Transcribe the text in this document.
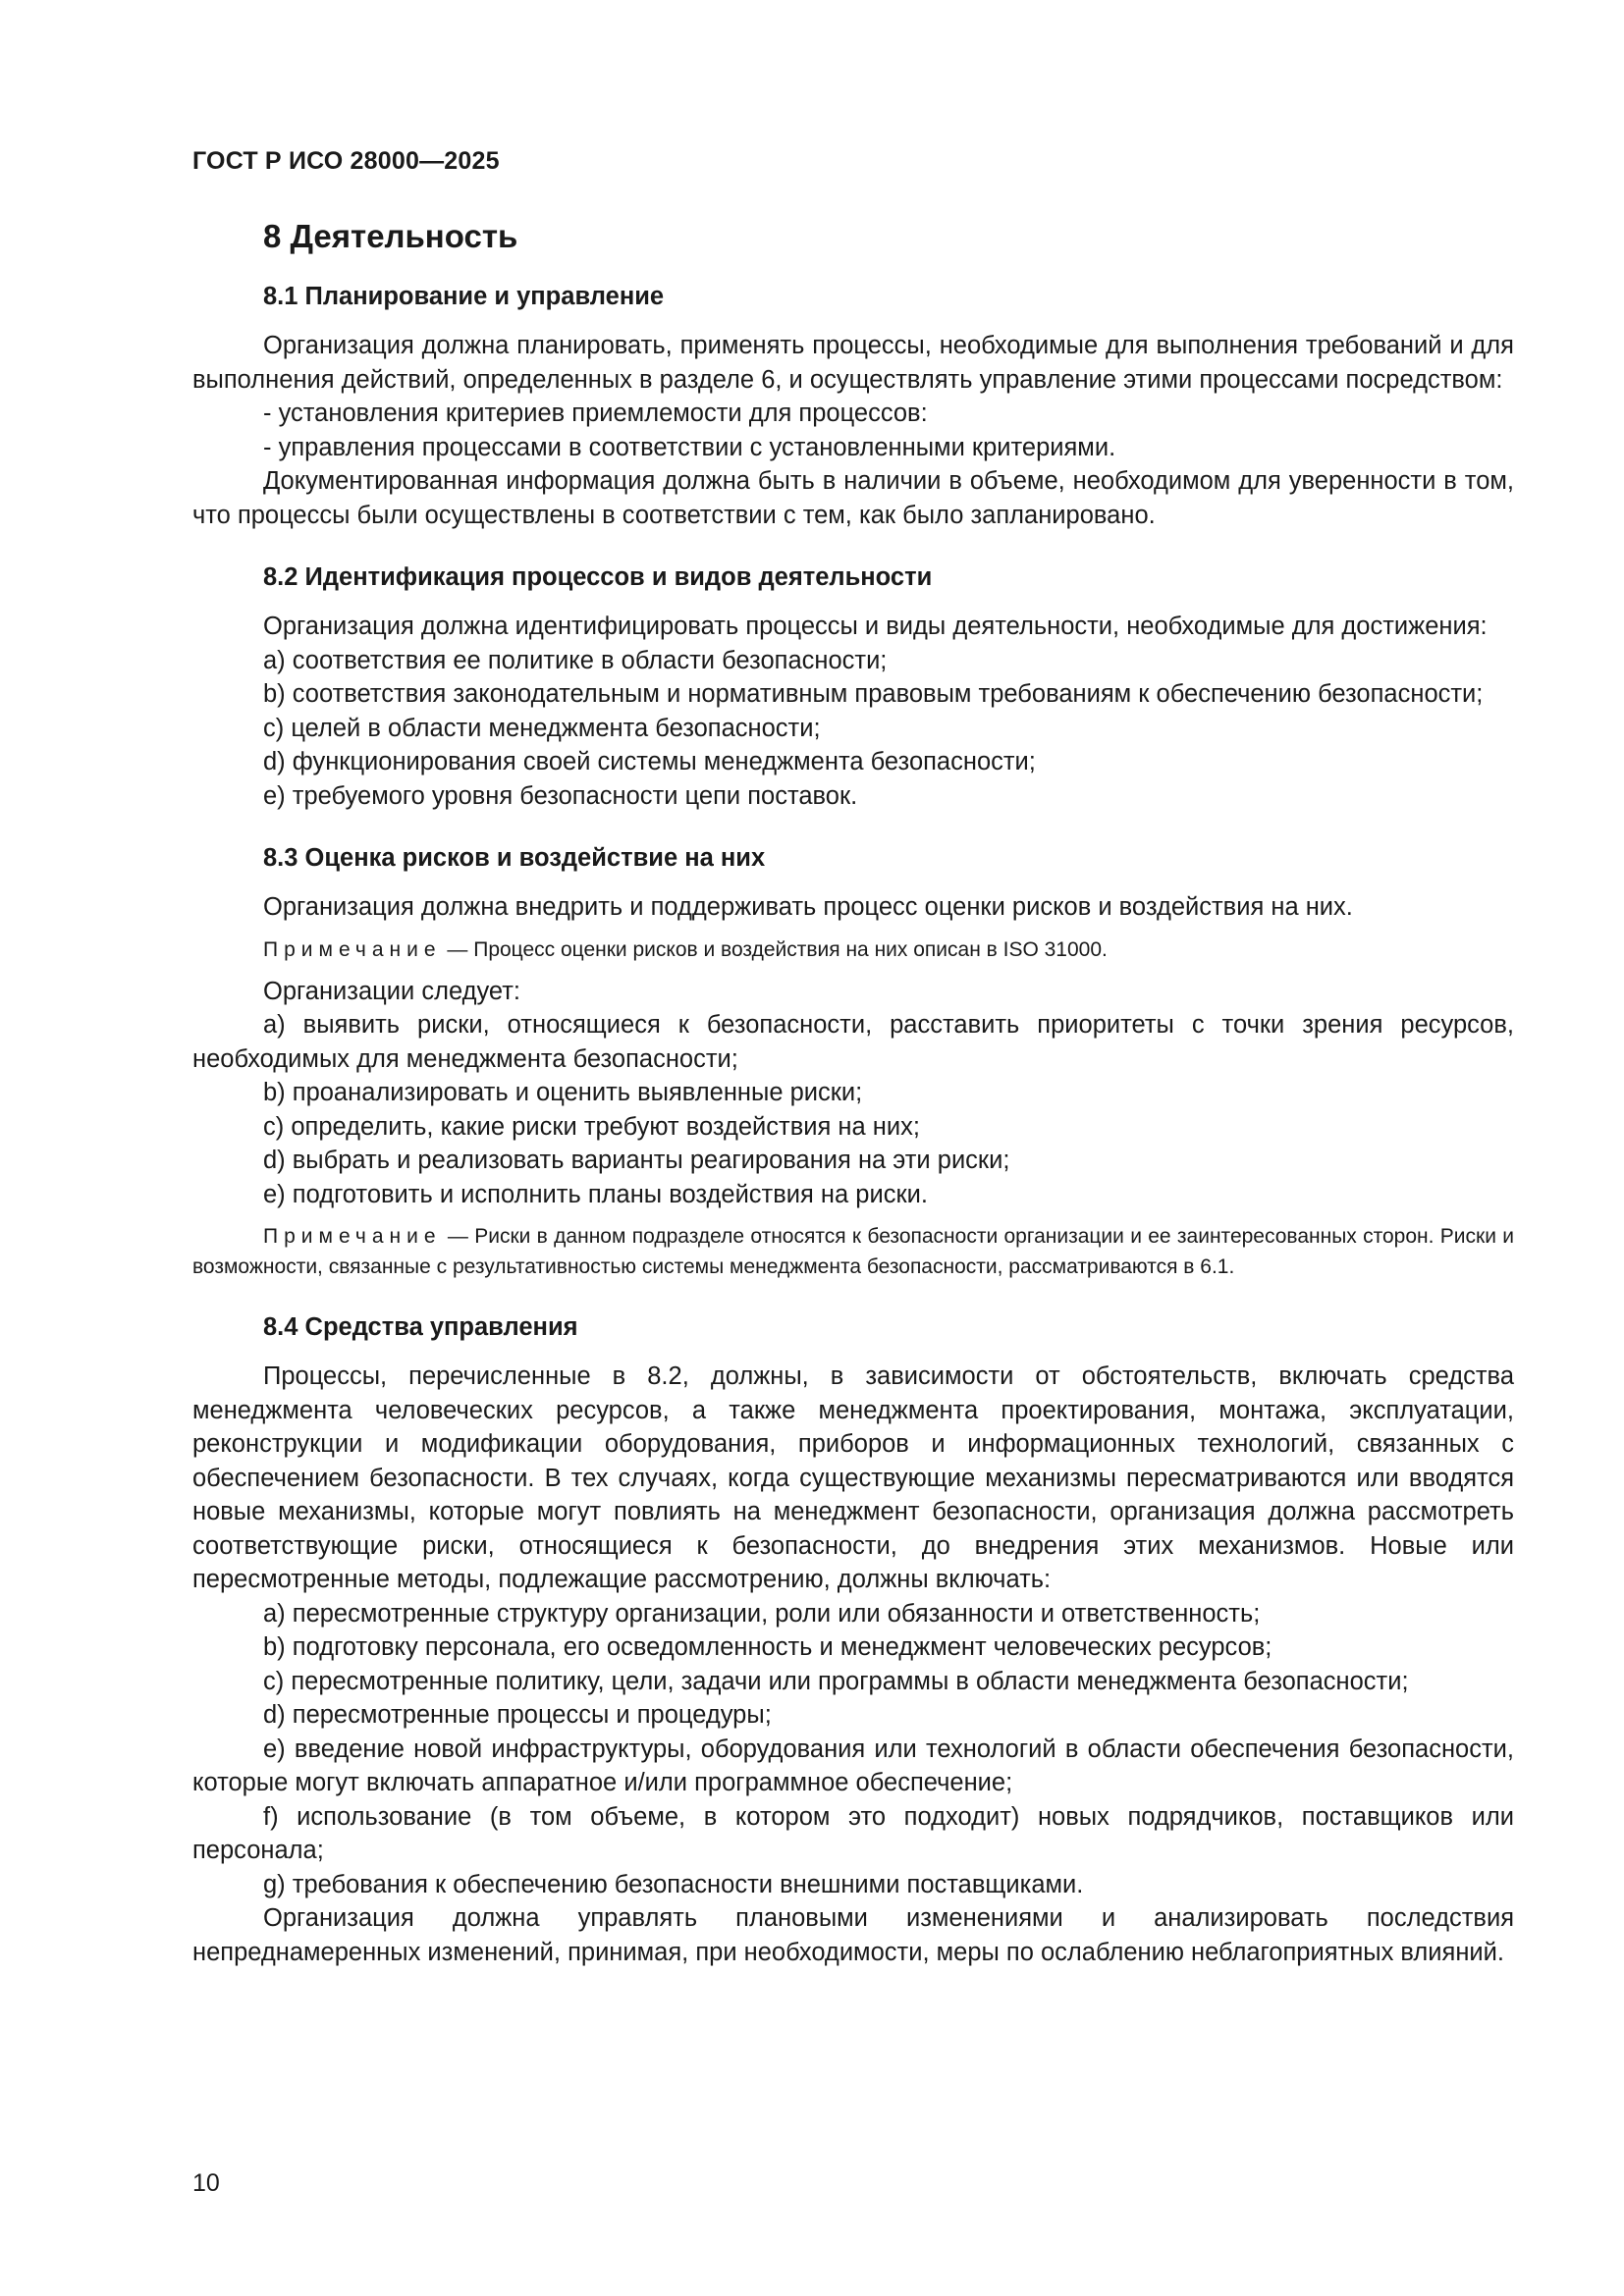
ГОСТ Р ИСО 28000—2025
8 Деятельность
8.1 Планирование и управление

Организация должна планировать, применять процессы, необходимые для выполнения требований и для выполнения действий, определенных в разделе 6, и осуществлять управление этими процессами посредством:

- установления критериев приемлемости для процессов:

- управления процессами в соответствии с установленными критериями.

Документированная информация должна быть в наличии в объеме, необходимом для уверенности в том, что процессы были осуществлены в соответствии с тем, как было запланировано.

8.2 Идентификация процессов и видов деятельности

Организация должна идентифицировать процессы и виды деятельности, необходимые для достижения:

a) соответствия ее политике в области безопасности;

b) соответствия законодательным и нормативным правовым требованиям к обеспечению безопасности;

c) целей в области менеджмента безопасности;

d) функционирования своей системы менеджмента безопасности;

e) требуемого уровня безопасности цепи поставок.

8.3 Оценка рисков и воздействие на них

Организация должна внедрить и поддерживать процесс оценки рисков и воздействия на них.

Примечание — Процесс оценки рисков и воздействия на них описан в ISO 31000.

Организации следует:

a) выявить риски, относящиеся к безопасности, расставить приоритеты с точки зрения ресурсов, необходимых для менеджмента безопасности;

b) проанализировать и оценить выявленные риски;

c) определить, какие риски требуют воздействия на них;

d) выбрать и реализовать варианты реагирования на эти риски;

e) подготовить и исполнить планы воздействия на риски.

Примечание — Риски в данном подразделе относятся к безопасности организации и ее заинтересованных сторон. Риски и возможности, связанные с результативностью системы менеджмента безопасности, рассматриваются в 6.1.
8.4 Средства управления

Процессы, перечисленные в 8.2, должны, в зависимости от обстоятельств, включать средства менеджмента человеческих ресурсов, а также менеджмента проектирования, монтажа, эксплуатации, реконструкции и модификации оборудования, приборов и информационных технологий, связанных с обеспечением безопасности. В тех случаях, когда существующие механизмы пересматриваются или вводятся новые механизмы, которые могут повлиять на менеджмент безопасности, организация должна рассмотреть соответствующие риски, относящиеся к безопасности, до внедрения этих механизмов. Новые или пересмотренные методы, подлежащие рассмотрению, должны включать:

a) пересмотренные структуру организации, роли или обязанности и ответственность;

b) подготовку персонала, его осведомленность и менеджмент человеческих ресурсов;

c) пересмотренные политику, цели, задачи или программы в области менеджмента безопасности;

d) пересмотренные процессы и процедуры;

e) введение новой инфраструктуры, оборудования или технологий в области обеспечения безопасности, которые могут включать аппаратное и/или программное обеспечение;

f) использование (в том объеме, в котором это подходит) новых подрядчиков, поставщиков или персонала;

g) требования к обеспечению безопасности внешними поставщиками.

Организация должна управлять плановыми изменениями и анализировать последствия непреднамеренных изменений, принимая, при необходимости, меры по ослаблению неблагоприятных влияний.

10
